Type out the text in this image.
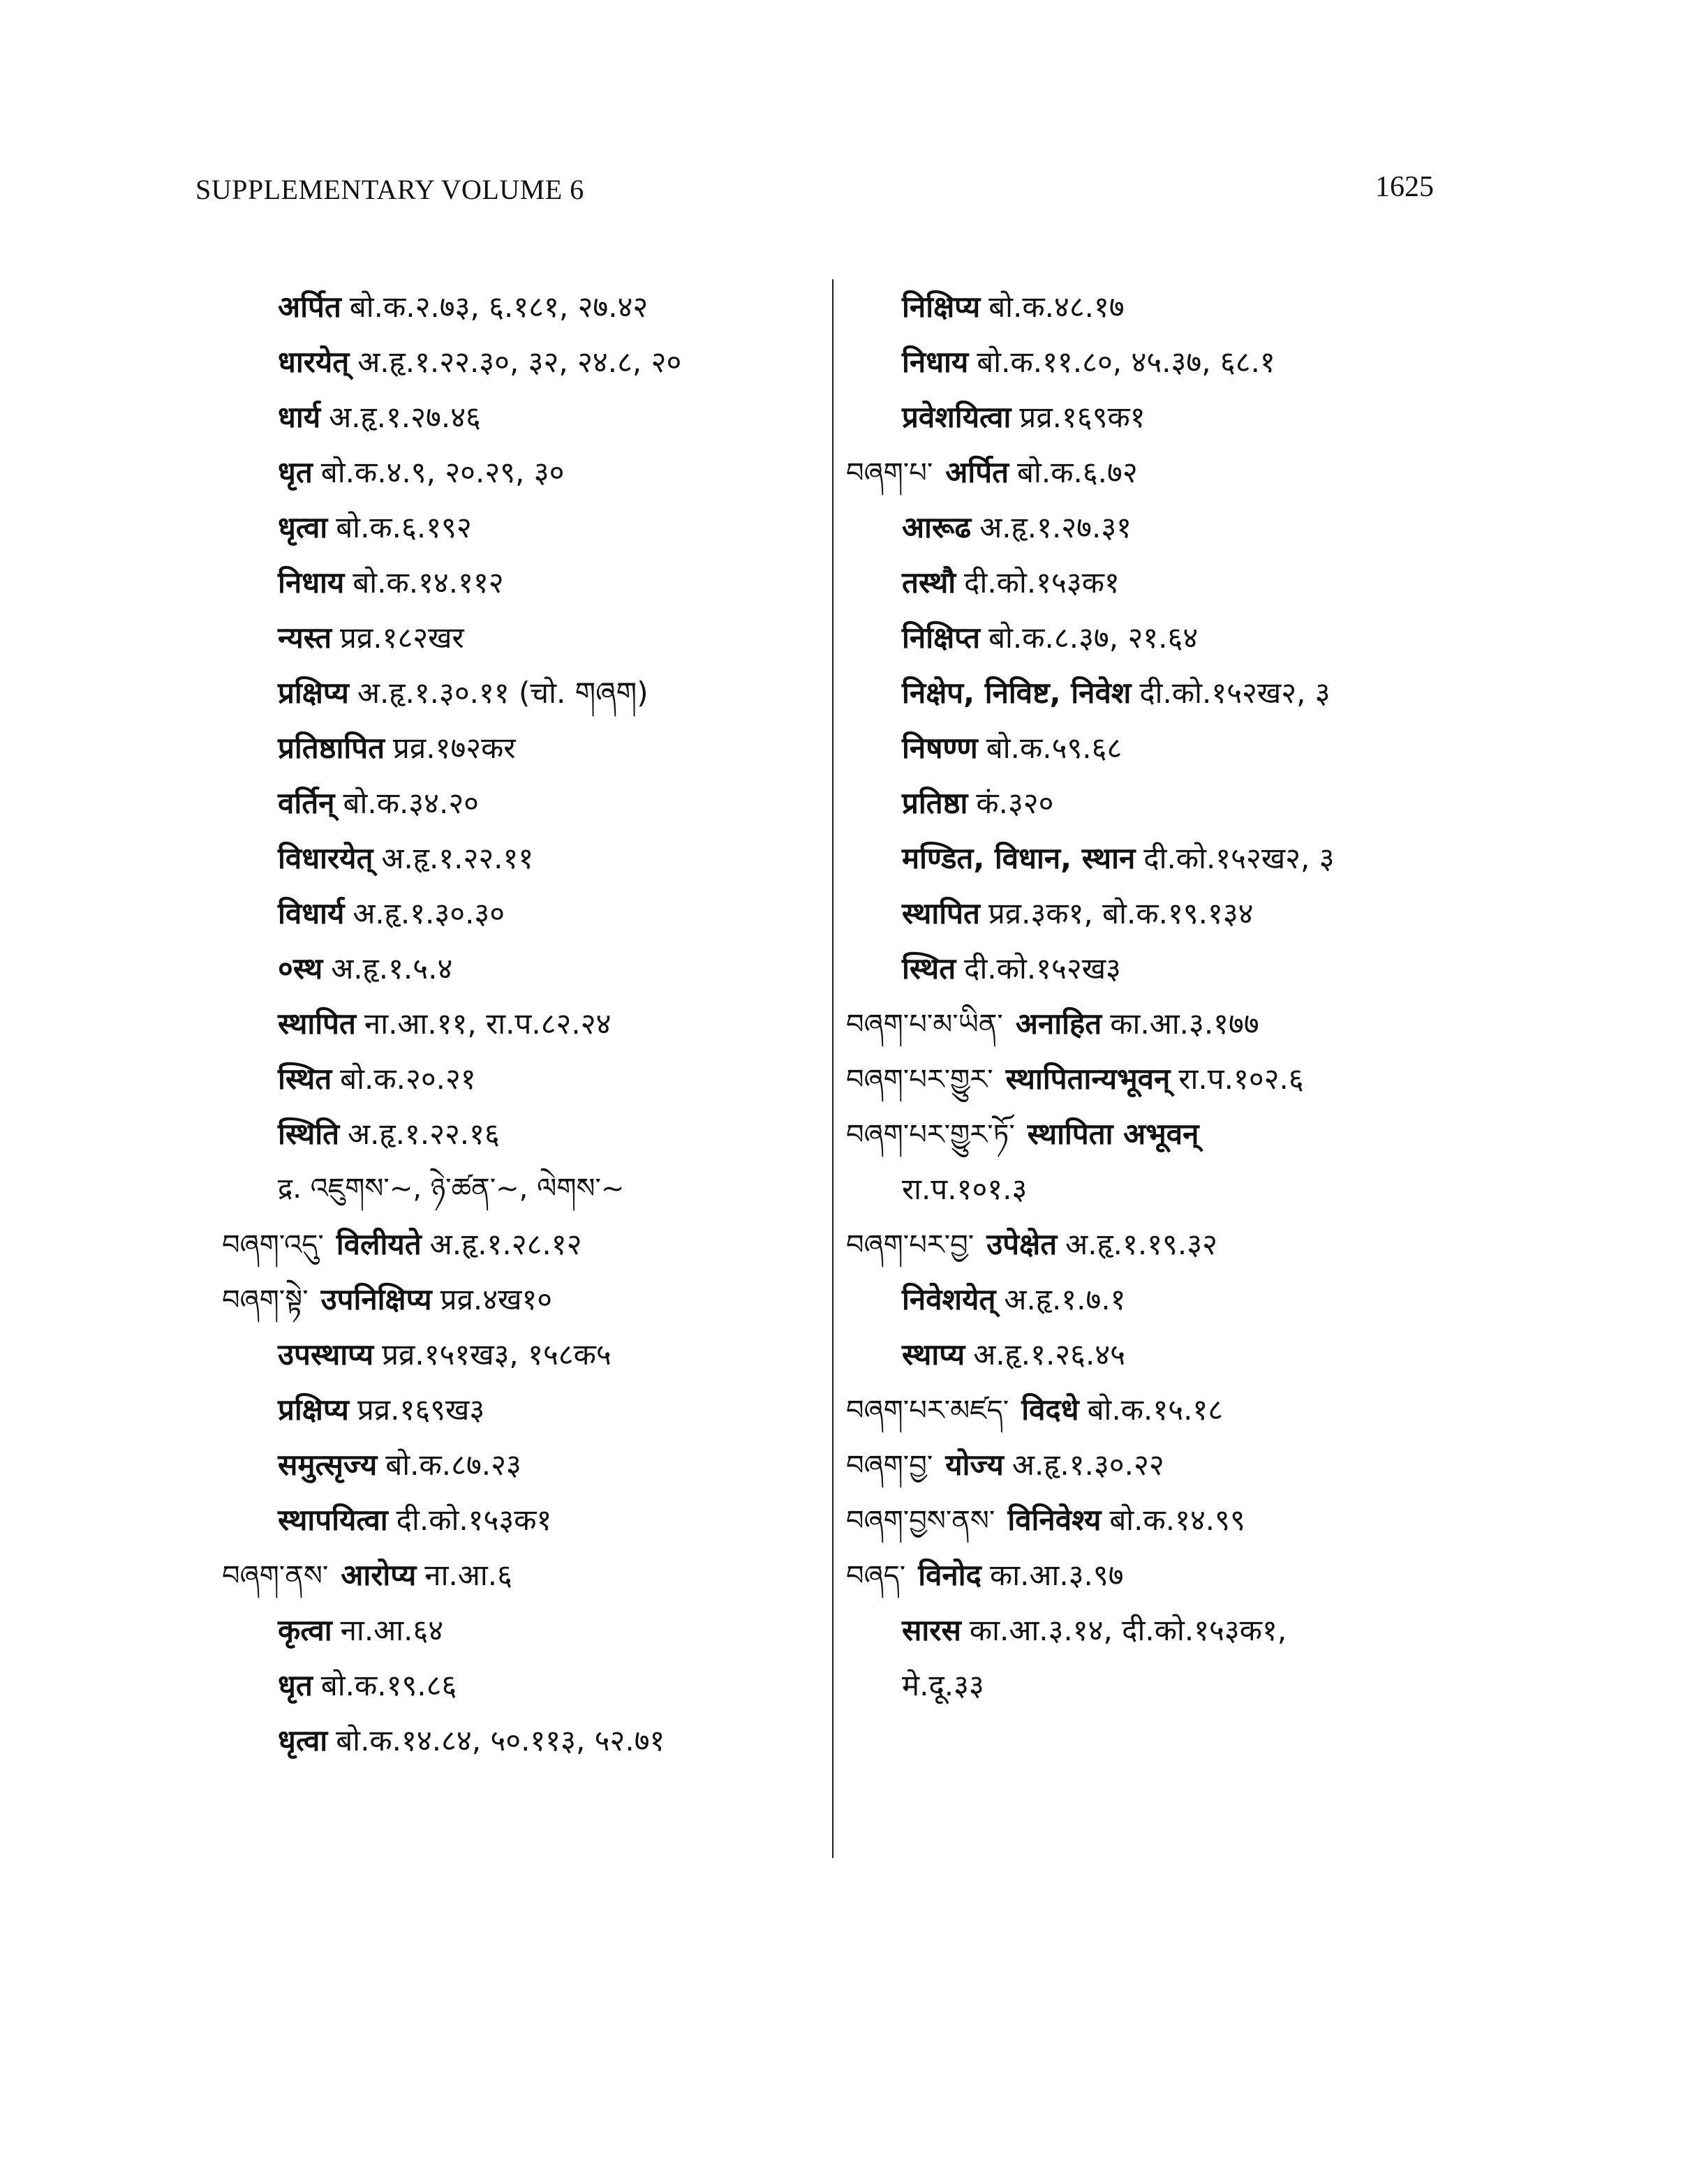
SUPPLEMENTARY VOLUME 6	1625
अर्पित बो.क.२.७३, ६.१८१, २७.४२
धारयेत् अ.हृ.१.२२.३०, ३२, २४.८, २०
धार्य अ.हृ.१.२७.४६
धृत बो.क.४.९, २०.२९, ३०
धृत्वा बो.क.६.१९२
निधाय बो.क.१४.११२
न्यस्त प्रव्र.१८२खर
प्रक्षिप्य अ.हृ.१.३०.११ (चो. གཞག)
प्रतिष्ठापित प्रव्र.१७२कर
वर्तिन् बो.क.३४.२०
विधारयेत् अ.हृ.१.२२.११
विधार्य अ.हृ.१.३०.३०
०स्थ अ.हृ.१.५.४
स्थापित ना.आ.११, रा.प.८२.२४
स्थित बो.क.२०.२१
स्थिति अ.हृ.१.२२.१६
द्र. འཇུགས་~, ཉེ་ཚན་~, ལེགས་~
བཞག་འདུ་ विलीयते अ.हृ.१.२८.१२
བཞག་སྟེ་ उपनिक्षिप्य प्रव्र.४ख१०
उपस्थाप्य प्रव्र.१५१ख३, १५८क५
प्रक्षिप्य प्रव्र.१६९ख३
समुत्सृज्य बो.क.८७.२३
स्थापयित्वा दी.को.१५३क१
བཞག་ནས་ आरोप्य ना.आ.६
कृत्वा ना.आ.६४
धृत बो.क.१९.८६
धृत्वा बो.क.१४.८४, ५०.११३, ५२.७१
निक्षिप्य बो.क.४८.१७
निधाय बो.क.११.८०, ४५.३७, ६८.१
प्रवेशयित्वा प्रव्र.१६९क१
བཞག་པ་ अर्पित बो.क.६.७२
आरूढ अ.हृ.१.२७.३१
तस्थौ दी.को.१५३क१
निक्षिप्त बो.क.८.३७, २१.६४
निक्षेप, निविष्ट, निवेश दी.को.१५२ख२, ३
निषण्ण बो.क.५९.६८
प्रतिष्ठा कं.३२०
मण्डित, विधान, स्थान दी.को.१५२ख२, ३
स्थापित प्रव्र.३क१, बो.क.१९.१३४
स्थित दी.को.१५२ख३
བཞག་པ་མ་ཡིན་ अनाहित का.आ.३.१७७
བཞག་པར་གྱུར་ स्थापितान्यभूवन् रा.प.१०२.६
བཞག་པར་གྱུར་ཏོ་ स्थापिता अभूवन्
रा.प.१०१.३
བཞག་པར་བྱ་ उपेक्षेत अ.हृ.१.१९.३२
निवेशयेत् अ.हृ.१.७.१
स्थाप्य अ.हृ.१.२६.४५
བཞག་པར་མཛད་ विदधे बो.क.१५.१८
བཞག་བྱ་ योज्य अ.हृ.१.३०.२२
བཞག་བྱས་ནས་ विनिवेश्य बो.क.१४.९९
བཞད་ विनोद का.आ.३.९७
सारस का.आ.३.१४, दी.को.१५३क१,
मे.दू.३३
